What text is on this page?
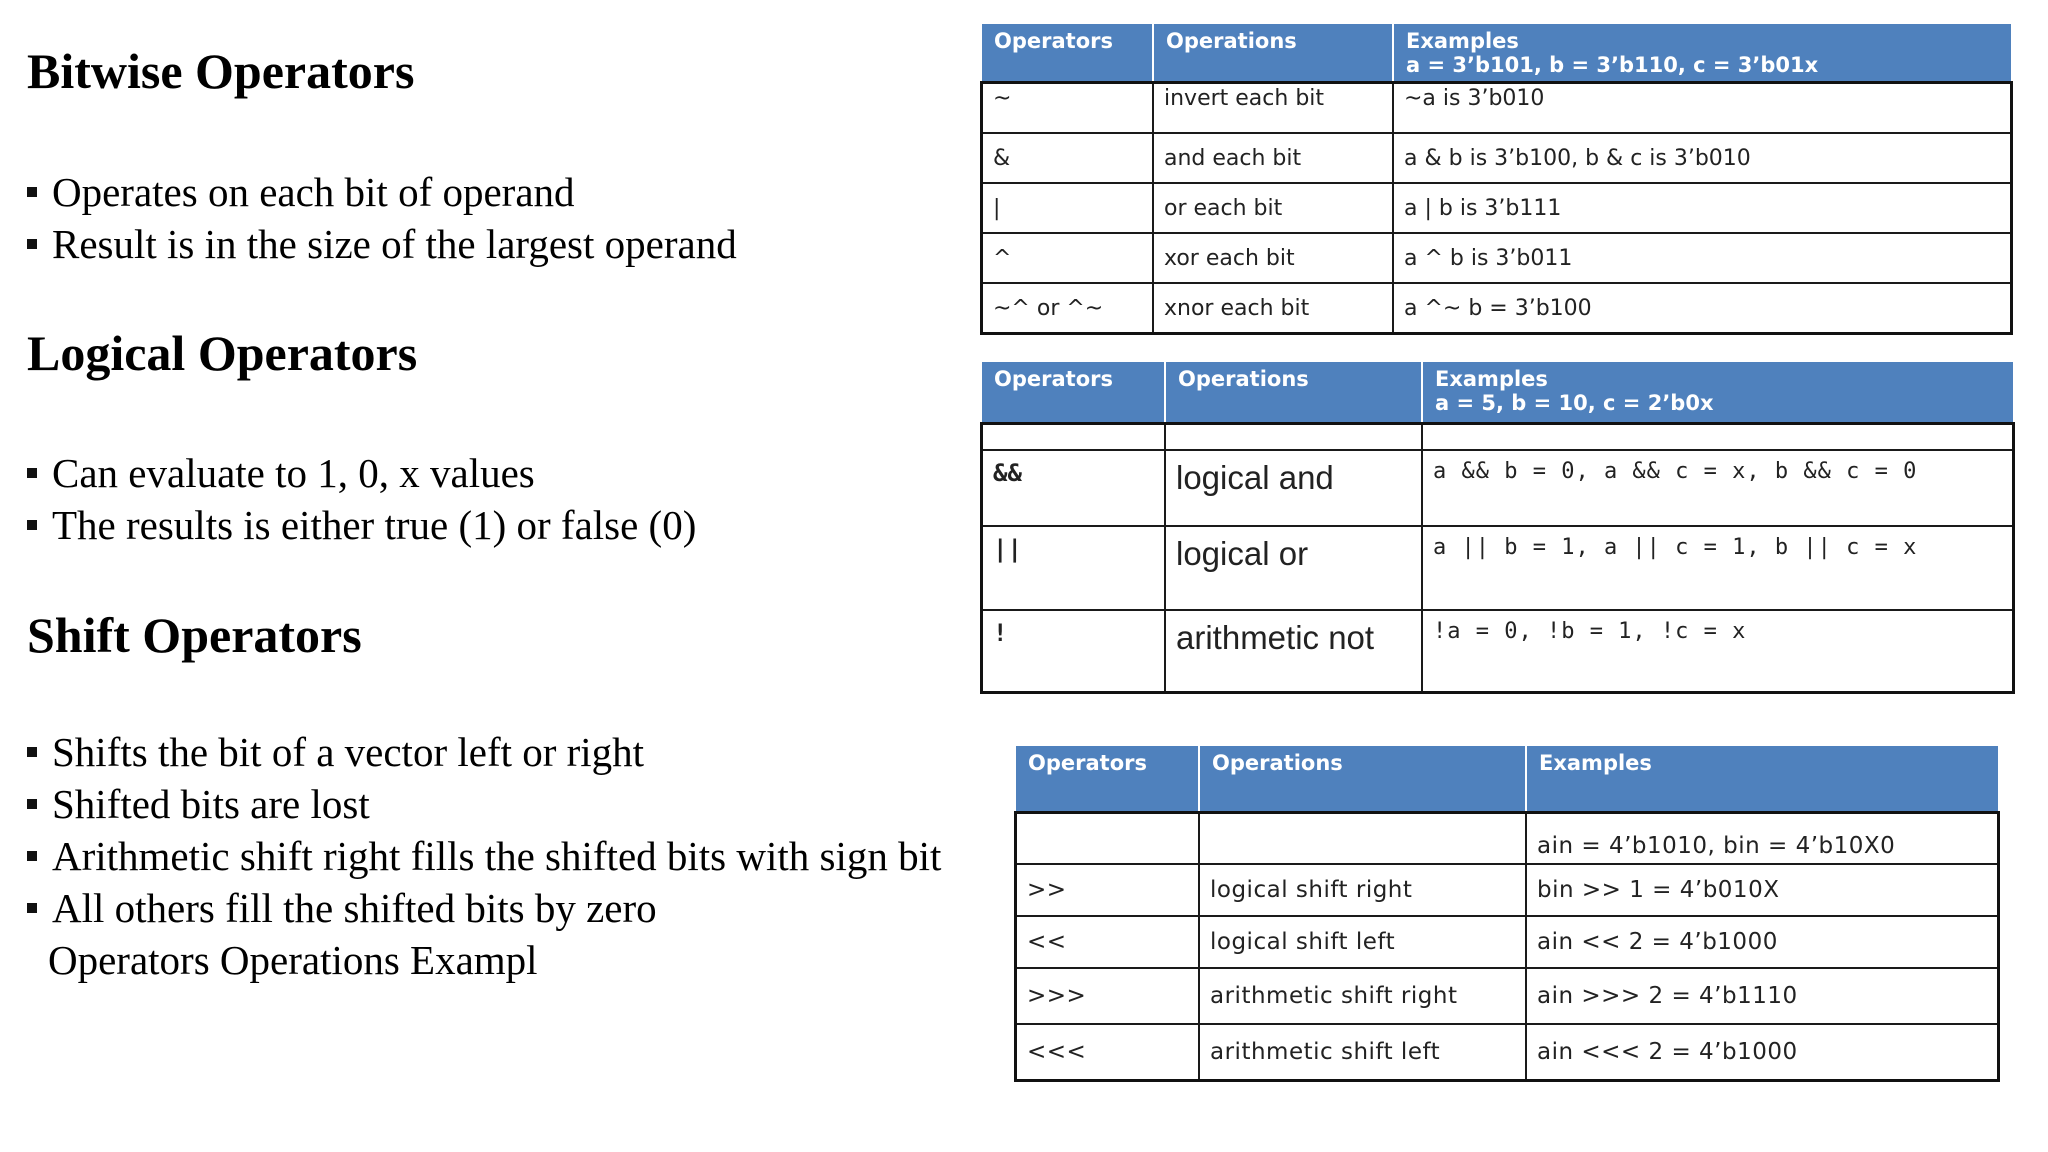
Bitwise Operators
Operates on each bit of operand
Result is in the size of the largest operand
Logical Operators
Can evaluate to 1, 0, x values
The results is either true (1) or false (0)
Shift Operators
Shifts the bit of a vector left or right
Shifted bits are lost
Arithmetic shift right fills the shifted bits with sign bit
All others fill the shifted bits by zero
Operators Operations Exampl
Operators	Operations	Examples
a = 3’b101, b = 3’b110, c = 3’b01x

~	invert each bit	~a is 3’b010
&	and each bit	a & b is 3’b100, b & c is 3’b010
|	or each bit	a | b is 3’b111
^	xor each bit	a ^ b is 3’b011
~^ or ^~	xnor each bit	a ^~ b = 3’b100
Operators	Operations	Examples
a = 5, b = 10, c = 2’b0x

&&	logical and	a && b = 0, a && c = x, b && c = 0
||	logical or	a || b = 1, a || c = 1, b || c = x
!	arithmetic not	!a = 0, !b = 1, !c = x
Operators	Operations	Examples
		ain = 4’b1010, bin = 4’b10X0
>>	logical shift right	bin >> 1 = 4’b010X
<<	logical shift left	ain << 2 = 4’b1000
>>>	arithmetic shift right	ain >>> 2 = 4’b1110
<<<	arithmetic shift left	ain <<< 2 = 4’b1000
